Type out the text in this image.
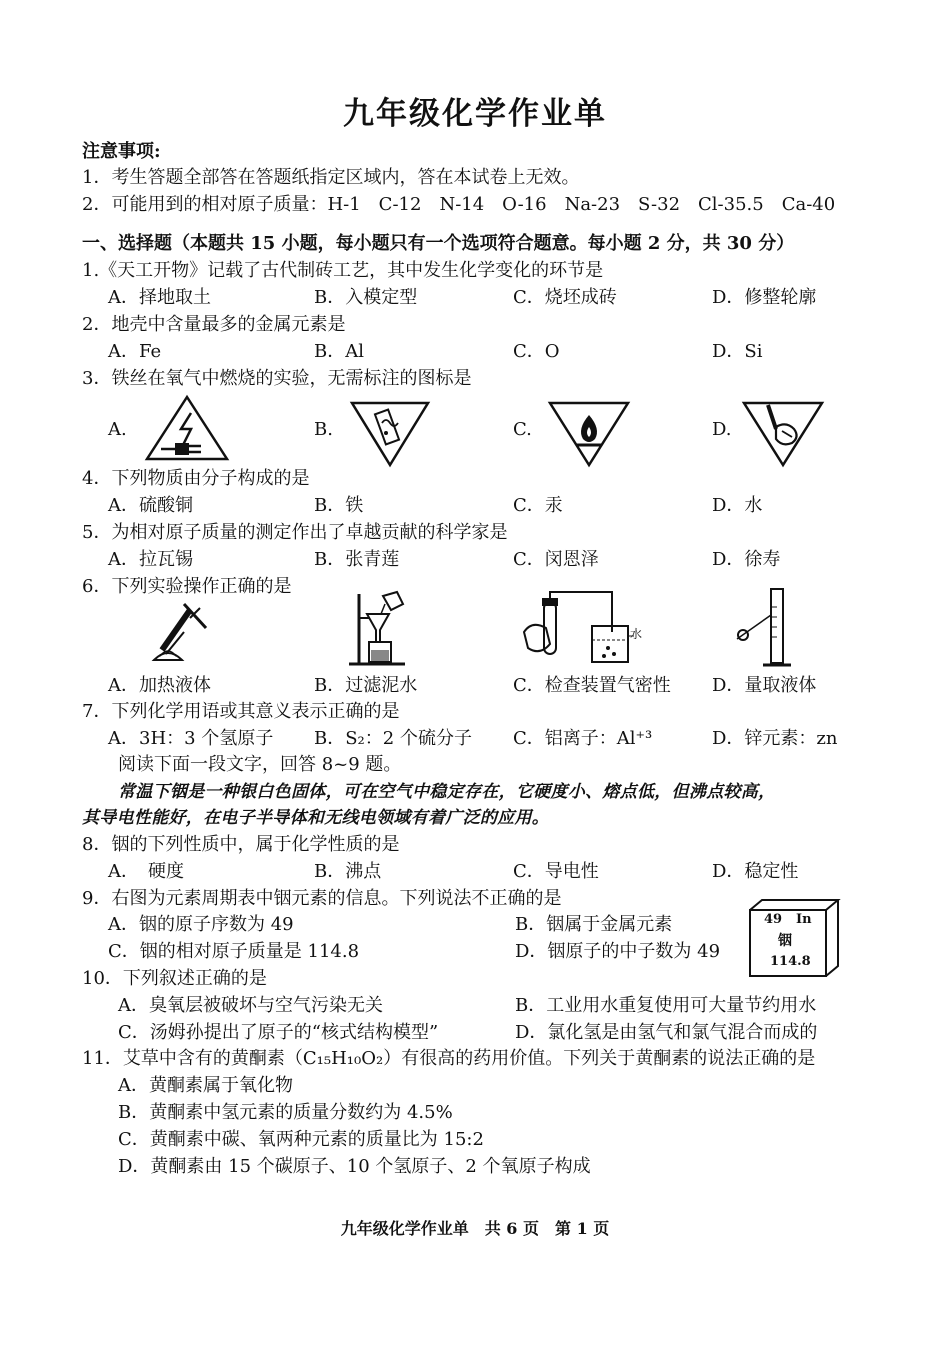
九年级化学作业单
注意事项:
1．考生答题全部答在答题纸指定区域内，答在本试卷上无效。
2．可能用到的相对原子质量：H-1　C-12　N-14　O-16　Na-23　S-32　Cl-35.5　Ca-40
一、选择题（本题共 15 小题，每小题只有一个选项符合题意。每小题 2 分，共 30 分）
1.《天工开物》记载了古代制砖工艺，其中发生化学变化的环节是
A．择地取土	B．入模定型	C．烧坯成砖	D．修整轮廓
2．地壳中含量最多的金属元素是
A．Fe	B．Al	C．O	D．Si
3．铁丝在氧气中燃烧的实验，无需标注的图标是
A.	B.	C.	D.
4．下列物质由分子构成的是
A．硫酸铜	B．铁	C．汞	D．水
5．为相对原子质量的测定作出了卓越贡献的科学家是
A．拉瓦锡	B．张青莲	C．闵恩泽	D．徐寿
6．下列实验操作正确的是
水
A．加热液体	B．过滤泥水	C．检查装置气密性 D．量取液体
7．下列化学用语或其意义表示正确的是
A．3H：3 个氢原子 B．S₂：2 个硫分子 C．铝离子：Al⁺³	D．锌元素：zn
阅读下面一段文字，回答 8~9 题。
常温下铟是一种银白色固体，可在空气中稳定存在，它硬度小、熔点低，但沸点较高，
其导电性能好，在电子半导体和无线电领域有着广泛的应用。
8．铟的下列性质中，属于化学性质的是
A．　硬度	B．沸点	C．导电性	D．稳定性
9．右图为元素周期表中铟元素的信息。下列说法不正确的是
A．铟的原子序数为 49	B．铟属于金属元素
C．铟的相对原子质量是 114.8	D．铟原子的中子数为 49
49 In
铟
114.8
10．下列叙述正确的是
A．臭氧层被破坏与空气污染无关	B．工业用水重复使用可大量节约用水
C．汤姆孙提出了原子的“核式结构模型”	D．氯化氢是由氢气和氯气混合而成的
11．艾草中含有的黄酮素（C₁₅H₁₀O₂）有很高的药用价值。下列关于黄酮素的说法正确的是
A．黄酮素属于氧化物
B．黄酮素中氢元素的质量分数约为 4.5%
C．黄酮素中碳、氧两种元素的质量比为 15:2
D．黄酮素由 15 个碳原子、10 个氢原子、2 个氧原子构成
九年级化学作业单　共 6 页　第 1 页
